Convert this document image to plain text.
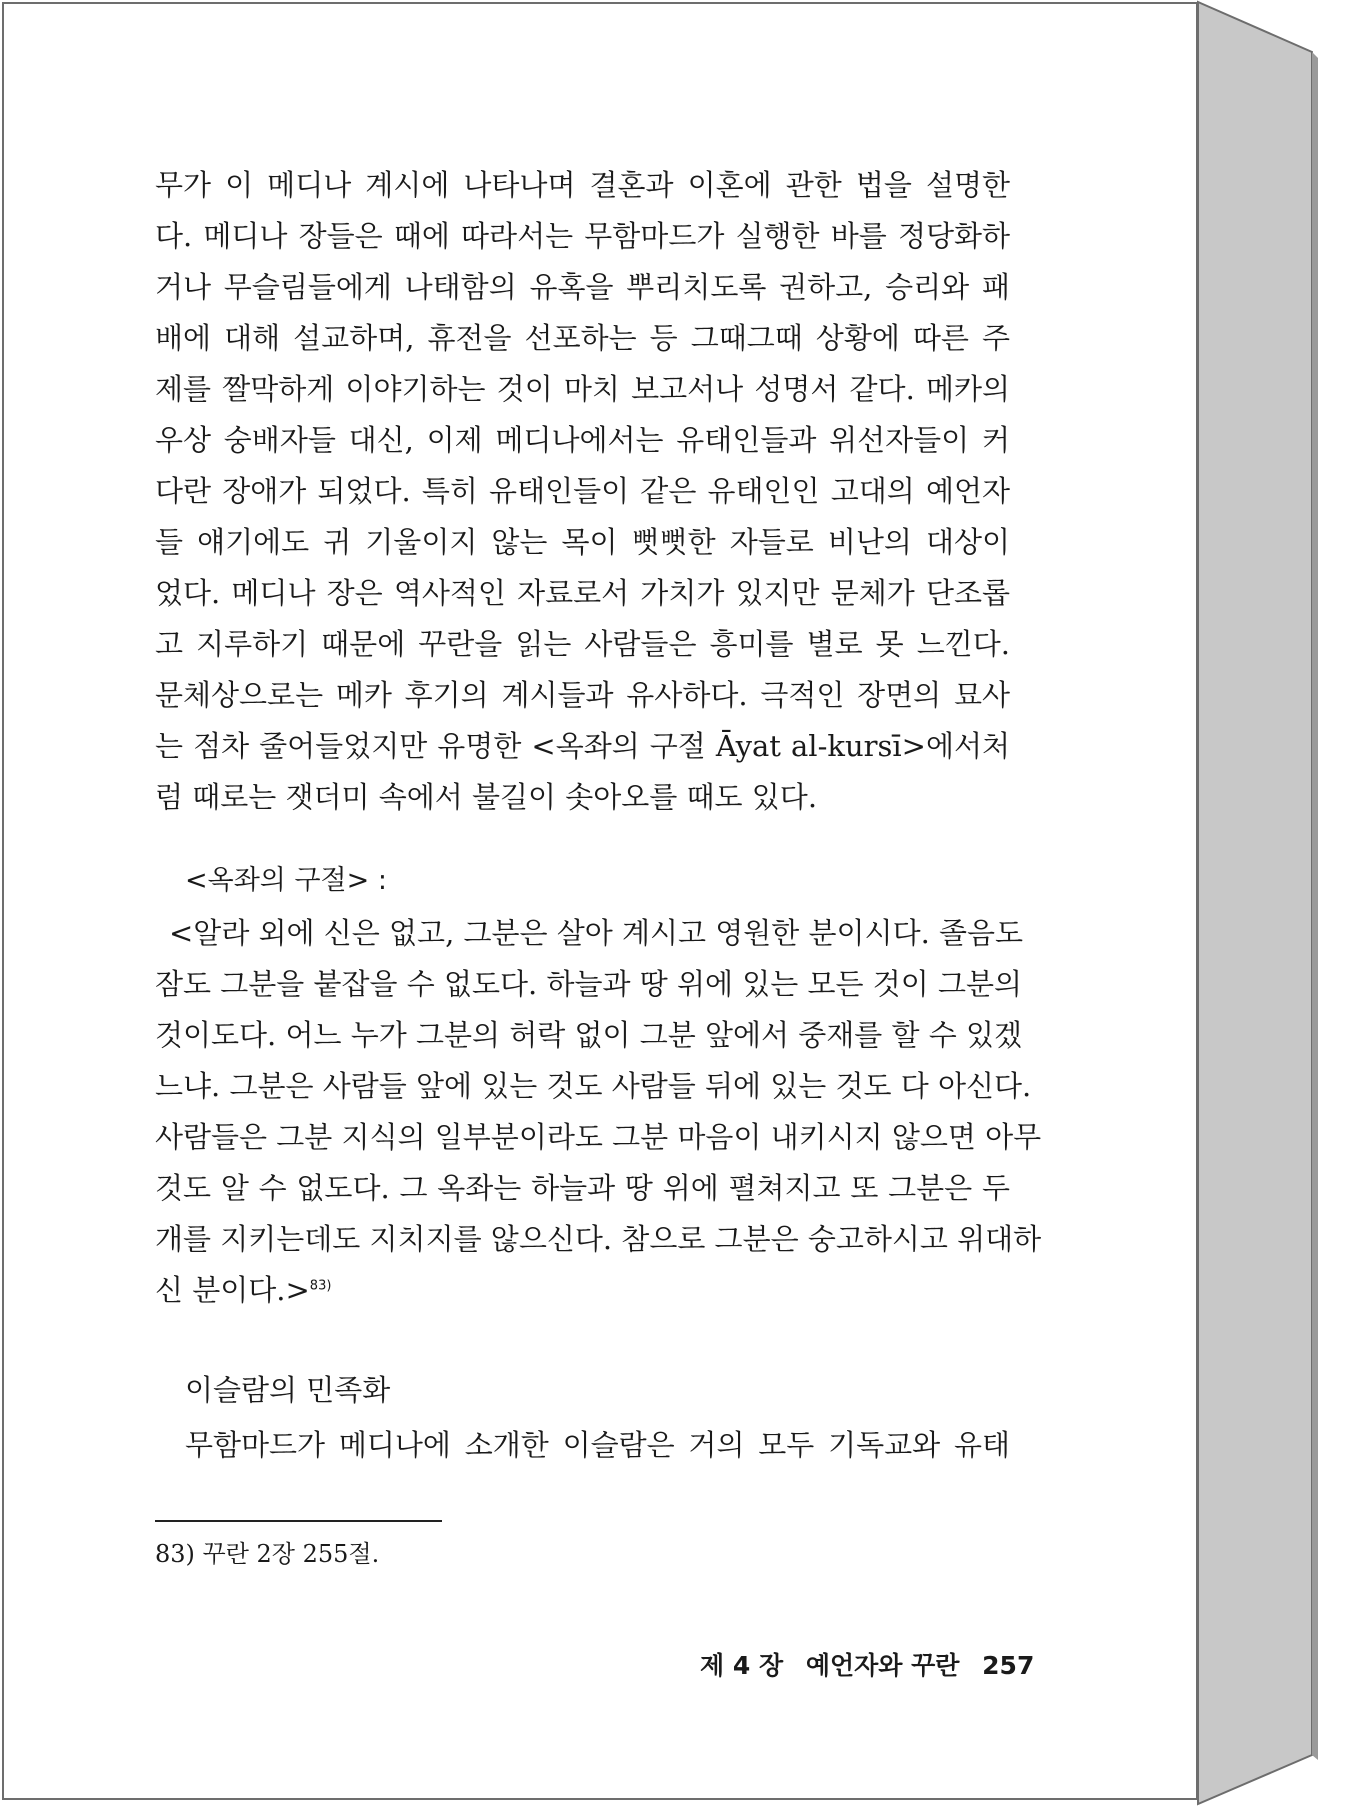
무가 이 메디나 계시에 나타나며 결혼과 이혼에 관한 법을 설명한
다. 메디나 장들은 때에 따라서는 무함마드가 실행한 바를 정당화하
거나 무슬림들에게 나태함의 유혹을 뿌리치도록 권하고, 승리와 패
배에 대해 설교하며, 휴전을 선포하는 등 그때그때 상황에 따른 주
제를 짤막하게 이야기하는 것이 마치 보고서나 성명서 같다. 메카의
우상 숭배자들 대신, 이제 메디나에서는 유태인들과 위선자들이 커
다란 장애가 되었다. 특히 유태인들이 같은 유태인인 고대의 예언자
들 얘기에도 귀 기울이지 않는 목이 뻣뻣한 자들로 비난의 대상이
었다. 메디나 장은 역사적인 자료로서 가치가 있지만 문체가 단조롭
고 지루하기 때문에 꾸란을 읽는 사람들은 흥미를 별로 못 느낀다.
문체상으로는 메카 후기의 계시들과 유사하다. 극적인 장면의 묘사
는 점차 줄어들었지만 유명한 <옥좌의 구절 Āyat al-kursī>에서처
럼 때로는 잿더미 속에서 불길이 솟아오를 때도 있다.

<옥좌의 구절> :

<알라 외에 신은 없고, 그분은 살아 계시고 영원한 분이시다. 졸음도
잠도 그분을 붙잡을 수 없도다. 하늘과 땅 위에 있는 모든 것이 그분의
것이도다. 어느 누가 그분의 허락 없이 그분 앞에서 중재를 할 수 있겠
느냐. 그분은 사람들 앞에 있는 것도 사람들 뒤에 있는 것도 다 아신다.
사람들은 그분 지식의 일부분이라도 그분 마음이 내키시지 않으면 아무
것도 알 수 없도다. 그 옥좌는 하늘과 땅 위에 펼쳐지고 또 그분은 두
개를 지키는데도 지치지를 않으신다. 참으로 그분은 숭고하시고 위대하
신 분이다.>$^{83)}$

이슬람의 민족화

무함마드가 메디나에 소개한 이슬람은 거의 모두 기독교와 유태

83) 꾸란 2장 255절.
제 4 장 예언자와 꾸란 257
